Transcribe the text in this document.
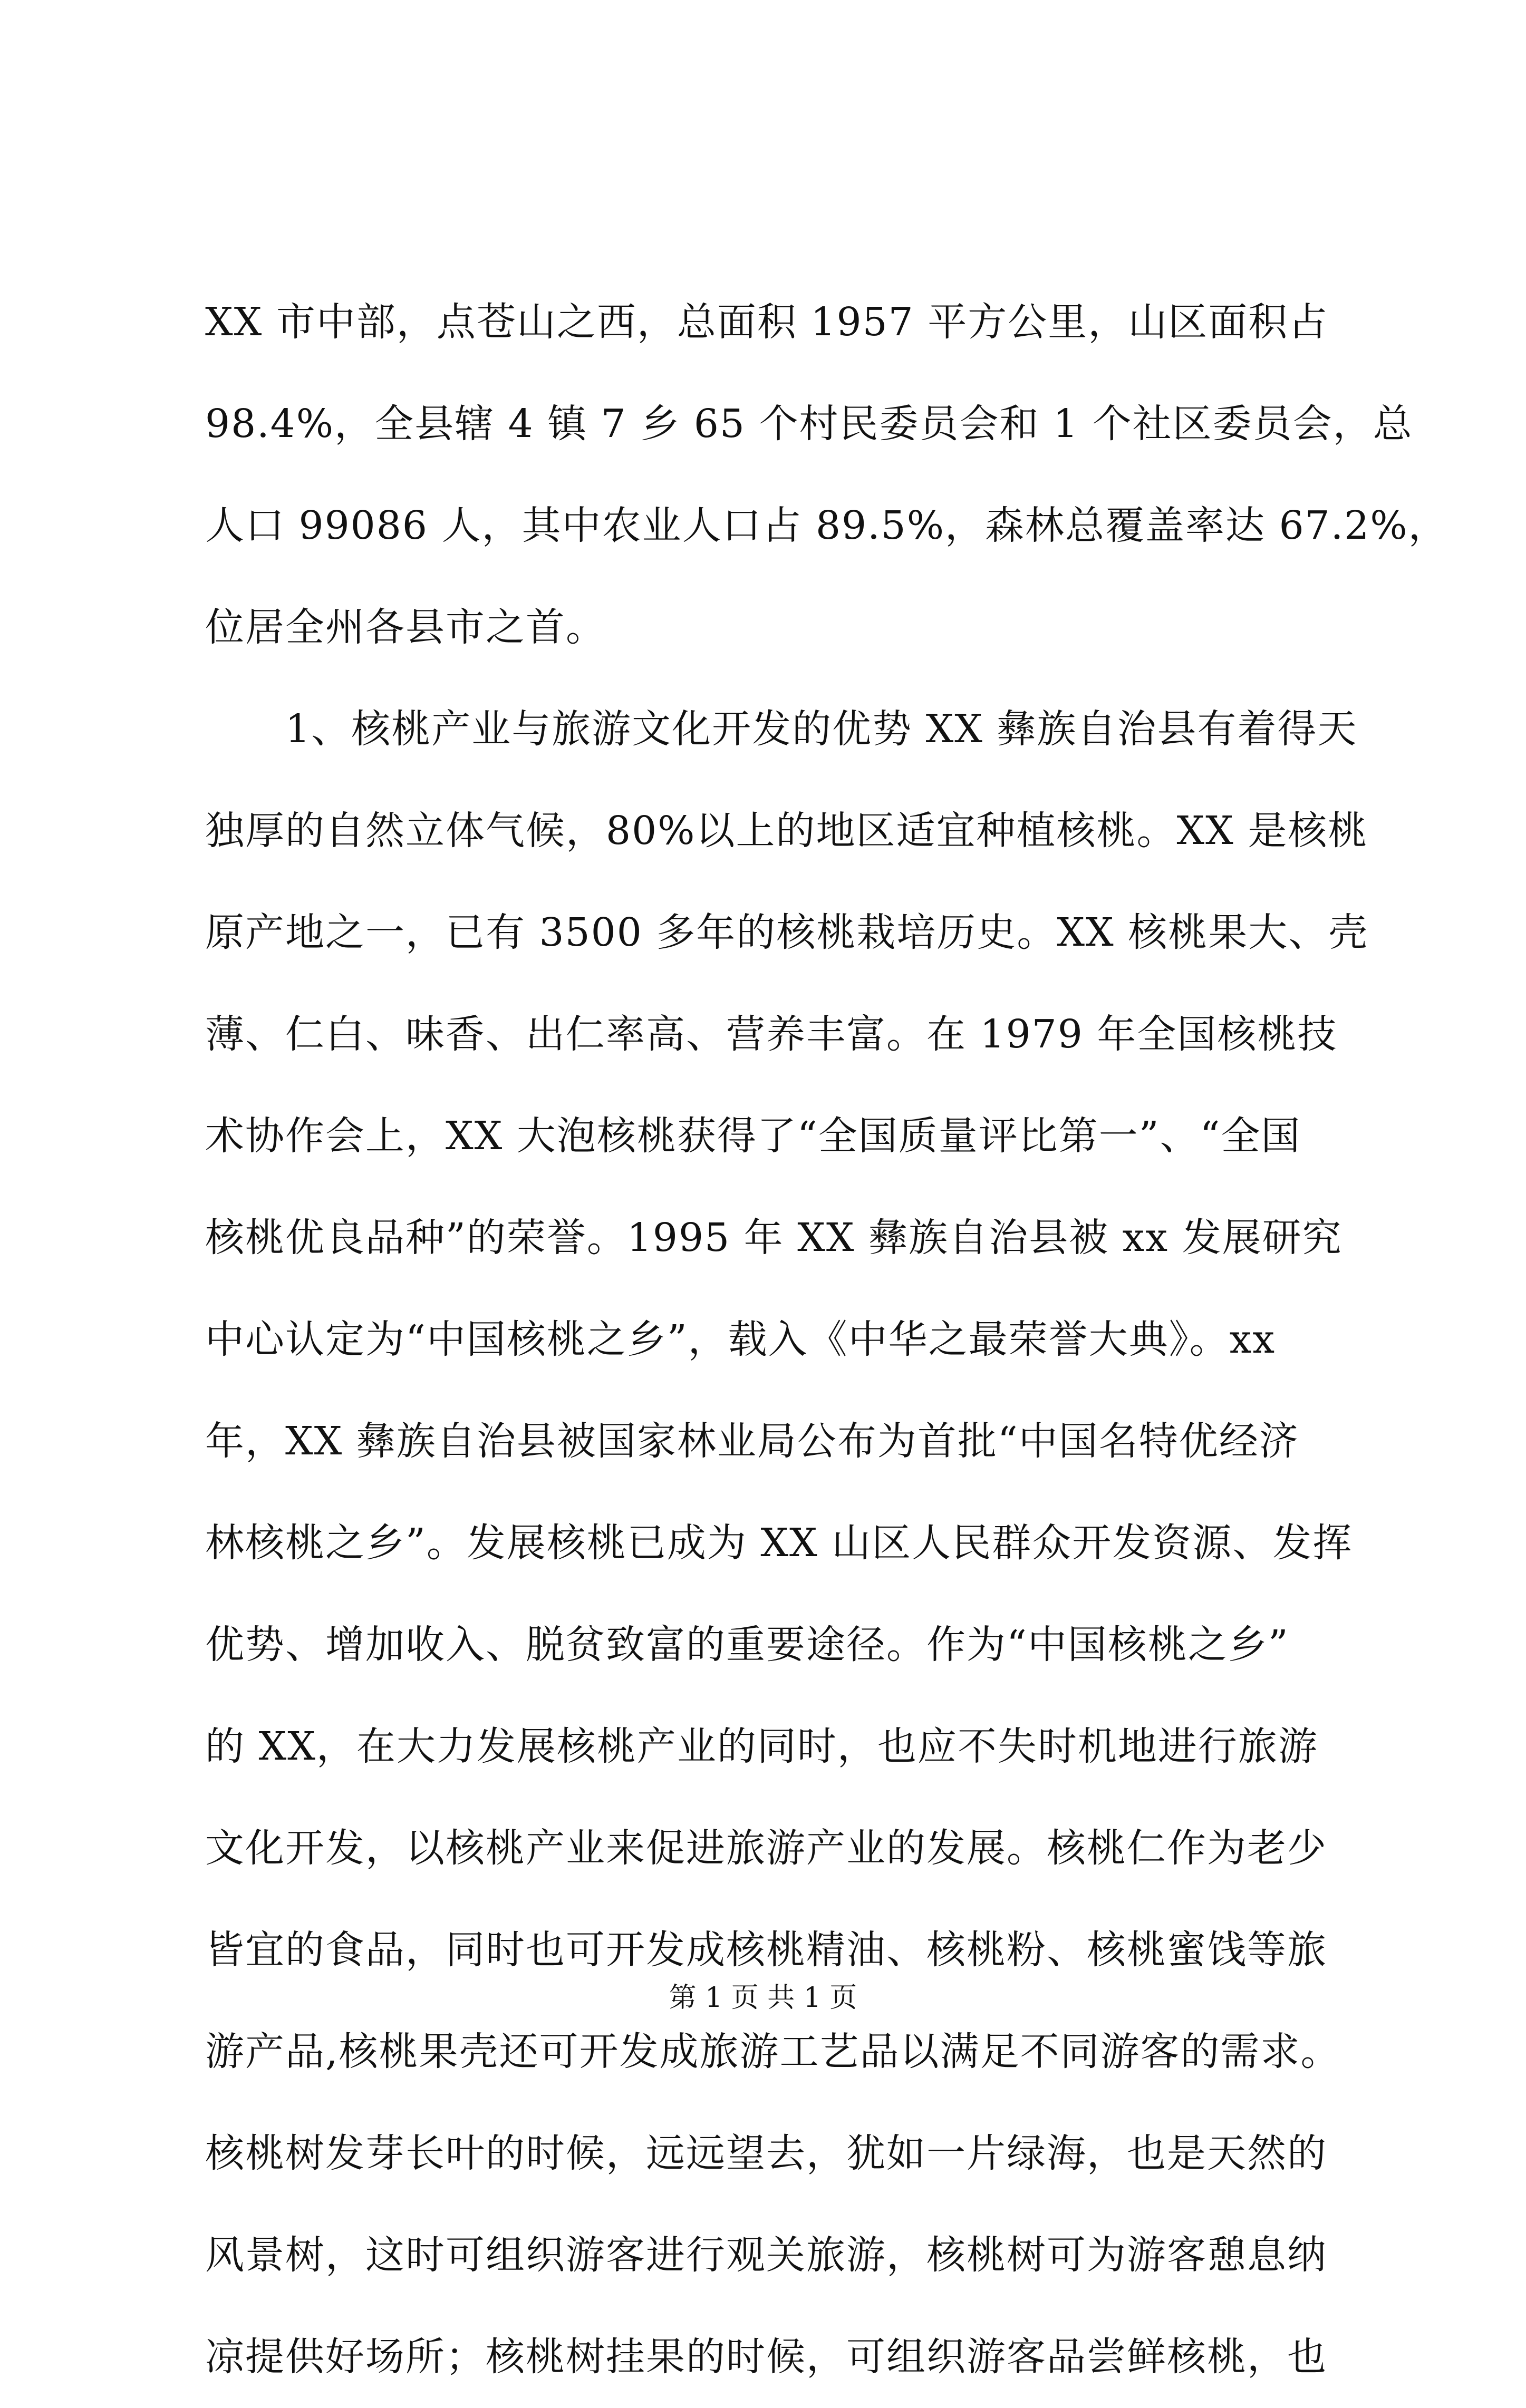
XX 市中部，点苍山之西，总面积 1957 平方公里，山区面积占
98.4%，全县辖 4 镇 7 乡 65 个村民委员会和 1 个社区委员会，总
人口 99086 人，其中农业人口占 89.5%，森林总覆盖率达 67.2%，
位居全州各县市之首。
　　1、核桃产业与旅游文化开发的优势 XX 彝族自治县有着得天
独厚的自然立体气候，80%以上的地区适宜种植核桃。XX 是核桃
原产地之一，已有 3500 多年的核桃栽培历史。XX 核桃果大、壳
薄、仁白、味香、出仁率高、营养丰富。在 1979 年全国核桃技
术协作会上，XX 大泡核桃获得了“全国质量评比第一”、“全国
核桃优良品种”的荣誉。1995 年 XX 彝族自治县被 xx 发展研究
中心认定为“中国核桃之乡”，载入《中华之最荣誉大典》。xx
年，XX 彝族自治县被国家林业局公布为首批“中国名特优经济
林核桃之乡”。发展核桃已成为 XX 山区人民群众开发资源、发挥
优势、增加收入、脱贫致富的重要途径。作为“中国核桃之乡”
的 XX，在大力发展核桃产业的同时，也应不失时机地进行旅游
文化开发，以核桃产业来促进旅游产业的发展。核桃仁作为老少
皆宜的食品，同时也可开发成核桃精油、核桃粉、核桃蜜饯等旅
游产品,核桃果壳还可开发成旅游工艺品以满足不同游客的需求。
核桃树发芽长叶的时候，远远望去，犹如一片绿海，也是天然的
风景树，这时可组织游客进行观关旅游，核桃树可为游客憩息纳
凉提供好场所；核桃树挂果的时候，可组织游客品尝鲜核桃，也
第 1 页 共 1 页
